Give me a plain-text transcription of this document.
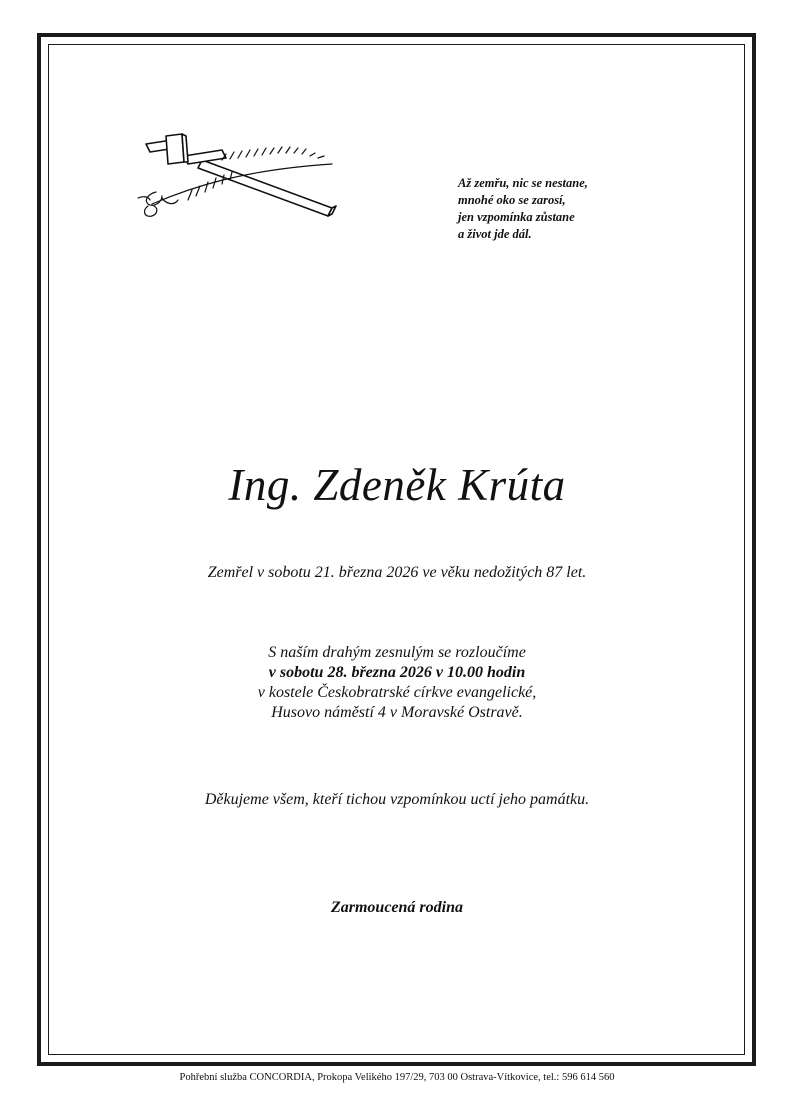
Až zemřu, nic se nestane,
mnohé oko se zarosí,
jen vzpomínka zůstane
a život jde dál.
Ing. Zdeněk Krúta
Zemřel v sobotu 21. března 2026 ve věku nedožitých 87 let.
S naším drahým zesnulým se rozloučíme
v sobotu 28. března 2026 v 10.00 hodin
v kostele Českobratrské církve evangelické,
Husovo náměstí 4 v Moravské Ostravě.
Děkujeme všem, kteří tichou vzpomínkou uctí jeho památku.
Zarmoucená rodina
Pohřební služba CONCORDIA, Prokopa Velikého 197/29, 703 00 Ostrava-Vítkovice, tel.: 596 614 560
